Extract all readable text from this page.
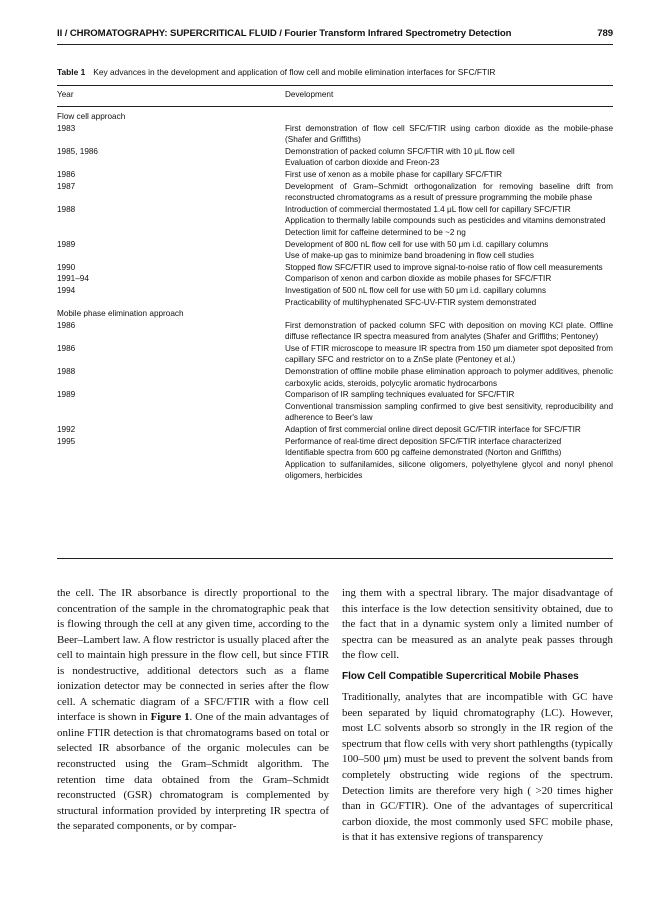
II / CHROMATOGRAPHY: SUPERCRITICAL FLUID / Fourier Transform Infrared Spectrometry Detection	789
Table 1 Key advances in the development and application of flow cell and mobile elimination interfaces for SFC/FTIR
Year	Development
Flow cell approach
1983	First demonstration of flow cell SFC/FTIR using carbon dioxide as the mobile-phase (Shafer and Griffiths)
1985, 1986	Demonstration of packed column SFC/FTIR with 10 μL flow cell
Evaluation of carbon dioxide and Freon-23
1986	First use of xenon as a mobile phase for capillary SFC/FTIR
1987	Development of Gram–Schmidt orthogonalization for removing baseline drift from reconstructed chromatograms as a result of pressure programming the mobile phase
1988	Introduction of commercial thermostated 1.4 μL flow cell for capillary SFC/FTIR
Application to thermally labile compounds such as pesticides and vitamins demonstrated
Detection limit for caffeine determined to be ~2 ng
1989	Development of 800 nL flow cell for use with 50 μm i.d. capillary columns
Use of make-up gas to minimize band broadening in flow cell studies
1990	Stopped flow SFC/FTIR used to improve signal-to-noise ratio of flow cell measurements
1991–94	Comparison of xenon and carbon dioxide as mobile phases for SFC/FTIR
1994	Investigation of 500 nL flow cell for use with 50 μm i.d. capillary columns
Practicability of multihyphenated SFC-UV-FTIR system demonstrated
Mobile phase elimination approach
1986	First demonstration of packed column SFC with deposition on moving KCl plate. Offline diffuse reflectance IR spectra measured from analytes (Shafer and Griffiths; Pentoney)
1986	Use of FTIR microscope to measure IR spectra from 150 μm diameter spot deposited from capillary SFC and restrictor on to a ZnSe plate (Pentoney et al.)
1988	Demonstration of offline mobile phase elimination approach to polymer additives, phenolic carboxylic acids, steroids, polycylic aromatic hydrocarbons
1989	Comparison of IR sampling techniques evaluated for SFC/FTIR
Conventional transmission sampling confirmed to give best sensitivity, reproducibility and adherence to Beer's law
1992	Adaption of first commercial online direct deposit GC/FTIR interface for SFC/FTIR
1995	Performance of real-time direct deposition SFC/FTIR interface characterized
Identifiable spectra from 600 pg caffeine demonstrated (Norton and Griffiths)
Application to sulfanilamides, silicone oligomers, polyethylene glycol and nonyl phenol oligomers, herbicides

the cell. The IR absorbance is directly proportional to the concentration of the sample in the chromatographic peak that is flowing through the cell at any given time, according to the Beer–Lambert law. A flow restrictor is usually placed after the cell to maintain high pressure in the flow cell, but since FTIR is nondestructive, additional detectors such as a flame ionization detector may be connected in series after the flow cell. A schematic diagram of a SFC/FTIR with a flow cell interface is shown in Figure 1. One of the main advantages of online FTIR detection is that chromatograms based on total or selected IR absorbance of the organic molecules can be reconstructed using the Gram–Schmidt algorithm. The retention time data obtained from the Gram–Schmidt reconstructed (GSR) chromatogram is complemented by structural information provided by interpreting IR spectra of the separated components, or by compar-

ing them with a spectral library. The major disadvantage of this interface is the low detection sensitivity obtained, due to the fact that in a dynamic system only a limited number of spectra can be measured as an analyte peak passes through the flow cell.

Flow Cell Compatible Supercritical Mobile Phases

Traditionally, analytes that are incompatible with GC have been separated by liquid chromatography (LC). However, most LC solvents absorb so strongly in the IR region of the spectrum that flow cells with very short pathlengths (typically 100–500 μm) must be used to prevent the solvent bands from completely obstructing wide regions of the spectrum. Detection limits are therefore very high ( >20 times higher than in GC/FTIR). One of the advantages of supercritical carbon dioxide, the most commonly used SFC mobile phase, is that it has extensive regions of transparency
